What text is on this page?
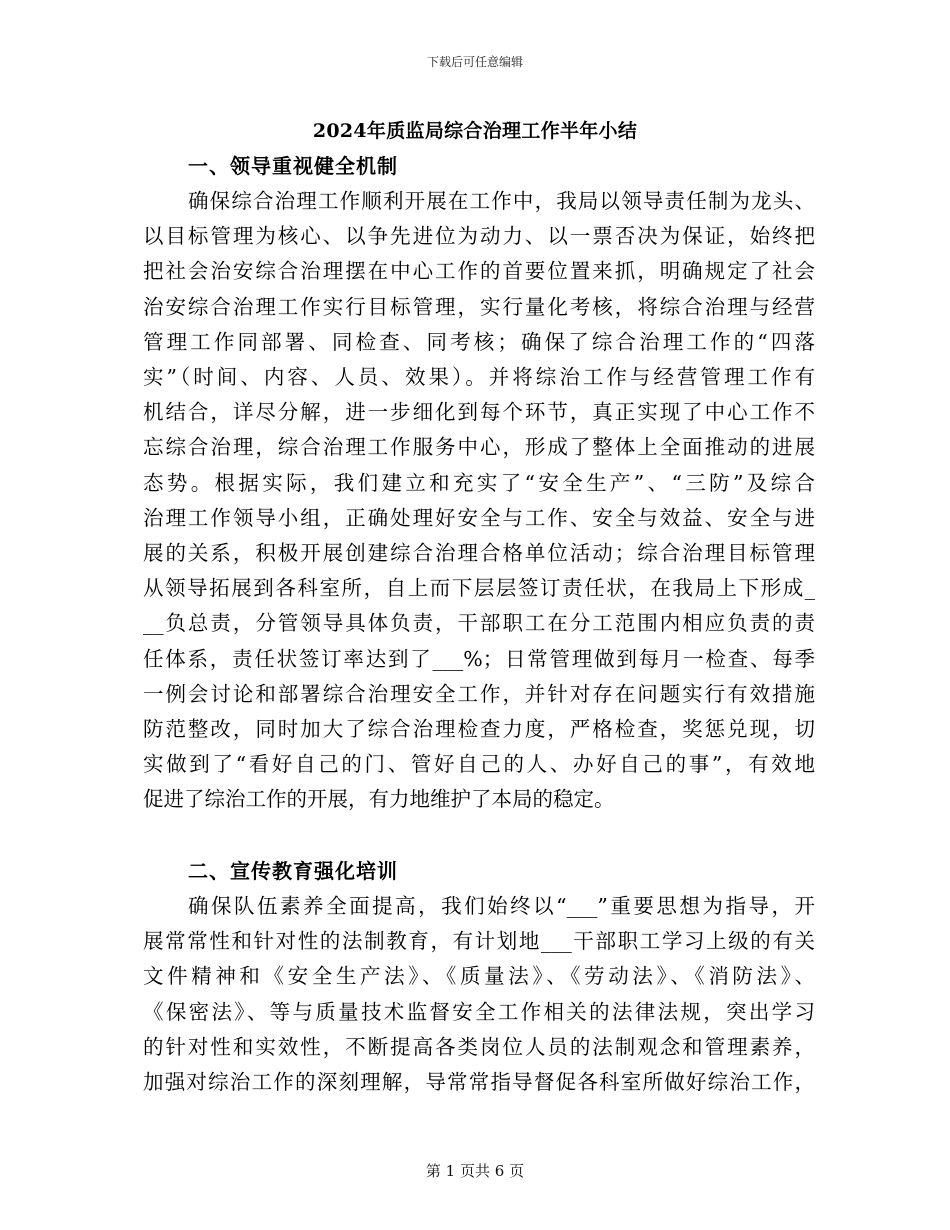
下载后可任意编辑
2024年质监局综合治理工作半年小结
一、领导重视健全机制
确保综合治理工作顺利开展在工作中，我局以领导责任制为龙头、
以目标管理为核心、以争先进位为动力、以一票否决为保证，始终把
把社会治安综合治理摆在中心工作的首要位置来抓，明确规定了社会
治安综合治理工作实行目标管理，实行量化考核，将综合治理与经营
管理工作同部署、同检查、同考核；确保了综合治理工作的“四落
实”（时间、内容、人员、效果）。并将综治工作与经营管理工作有
机结合，详尽分解，进一步细化到每个环节，真正实现了中心工作不
忘综合治理，综合治理工作服务中心，形成了整体上全面推动的进展
态势。根据实际，我们建立和充实了“安全生产”、“三防”及综合
治理工作领导小组，正确处理好安全与工作、安全与效益、安全与进
展的关系，积极开展创建综合治理合格单位活动；综合治理目标管理
从领导拓展到各科室所，自上而下层层签订责任状，在我局上下形成_
__负总责，分管领导具体负责，干部职工在分工范围内相应负责的责
任体系，责任状签订率达到了___%；日常管理做到每月一检查、每季
一例会讨论和部署综合治理安全工作，并针对存在问题实行有效措施
防范整改，同时加大了综合治理检查力度，严格检查，奖惩兑现，切
实做到了“看好自己的门、管好自己的人、办好自己的事”，有效地
促进了综治工作的开展，有力地维护了本局的稳定。
二、宣传教育强化培训
确保队伍素养全面提高，我们始终以“___”重要思想为指导，开
展常常性和针对性的法制教育，有计划地___干部职工学习上级的有关
文件精神和《安全生产法》、《质量法》、《劳动法》、《消防法》、
《保密法》、等与质量技术监督安全工作相关的法律法规，突出学习
的针对性和实效性，不断提高各类岗位人员的法制观念和管理素养，
加强对综治工作的深刻理解，导常常指导督促各科室所做好综治工作，
第 1 页共 6 页
